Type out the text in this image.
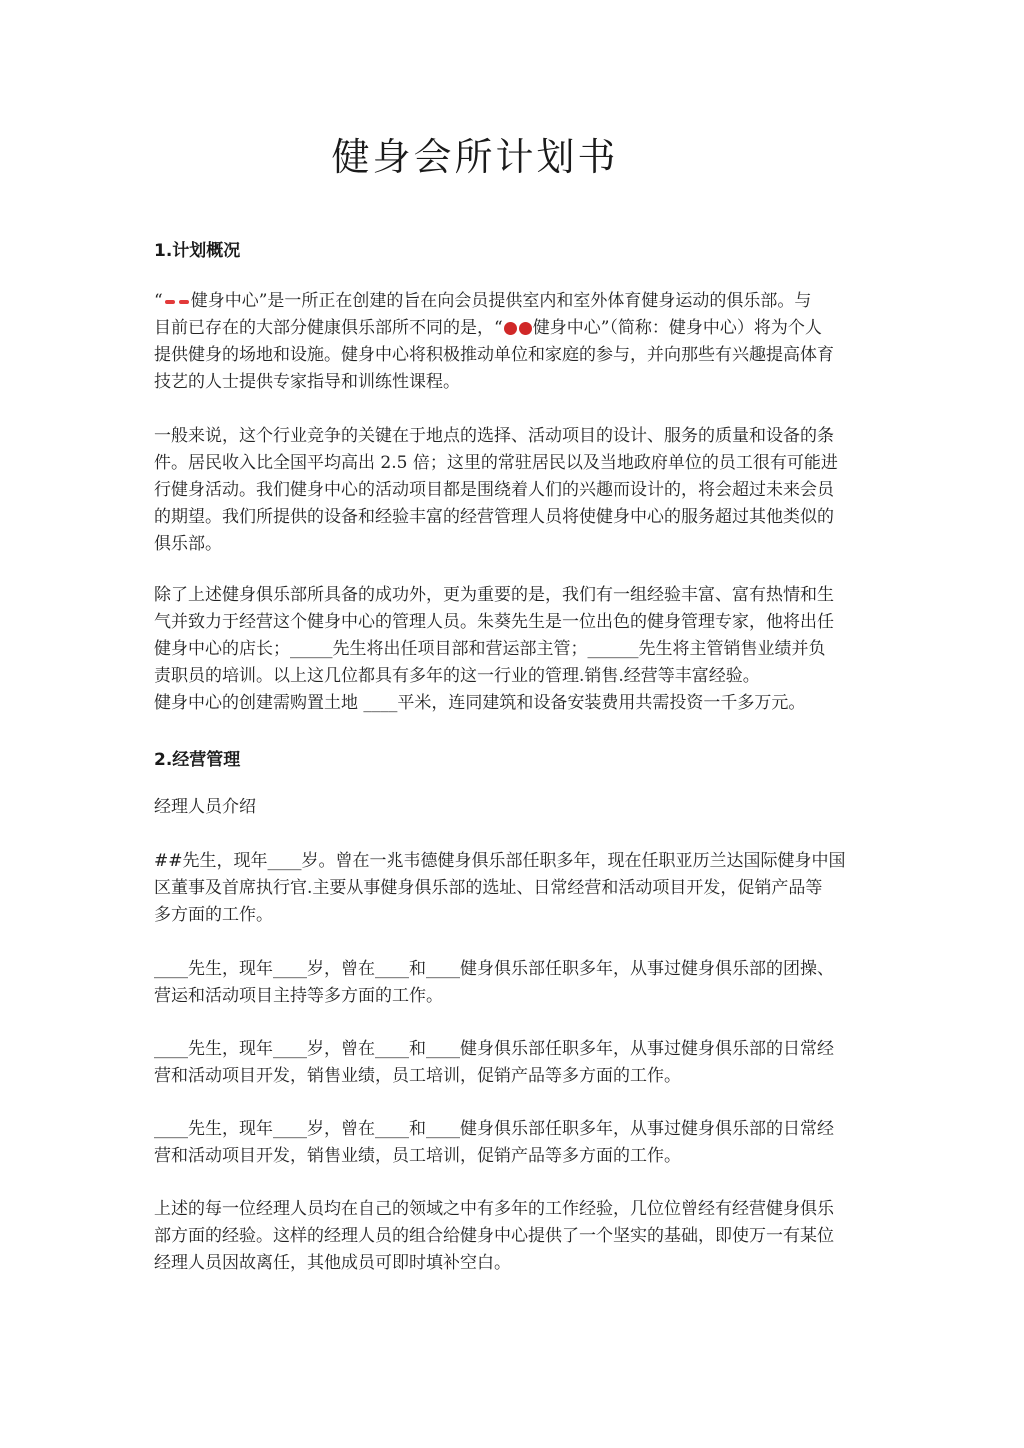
健身会所计划书
1.计划概况
“ 健身中心”是一所正在创建的旨在向会员提供室内和室外体育健身运动的俱乐部。与
目前已存在的大部分健康俱乐部所不同的是，“ 健身中心”（简称：健身中心）将为个人
提供健身的场地和设施。健身中心将积极推动单位和家庭的参与，并向那些有兴趣提高体育
技艺的人士提供专家指导和训练性课程。
一般来说，这个行业竞争的关键在于地点的选择、活动项目的设计、服务的质量和设备的条
件。居民收入比全国平均高出 2.5 倍；这里的常驻居民以及当地政府单位的员工很有可能进
行健身活动。我们健身中心的活动项目都是围绕着人们的兴趣而设计的，将会超过未来会员
的期望。我们所提供的设备和经验丰富的经营管理人员将使健身中心的服务超过其他类似的
俱乐部。
除了上述健身俱乐部所具备的成功外，更为重要的是，我们有一组经验丰富、富有热情和生
气并致力于经营这个健身中心的管理人员。朱葵先生是一位出色的健身管理专家，他将出任
健身中心的店长；_____先生将出任项目部和营运部主管；______先生将主管销售业绩并负
责职员的培训。以上这几位都具有多年的这一行业的管理.销售.经营等丰富经验。
健身中心的创建需购置土地 ____平米，连同建筑和设备安装费用共需投资一千多万元。
2.经营管理
经理人员介绍
##先生，现年____岁。曾在一兆韦德健身俱乐部任职多年，现在任职亚历兰达国际健身中国
区董事及首席执行官.主要从事健身俱乐部的选址、日常经营和活动项目开发，促销产品等
多方面的工作。
____先生，现年____岁，曾在____和____健身俱乐部任职多年，从事过健身俱乐部的团操、
营运和活动项目主持等多方面的工作。
____先生，现年____岁，曾在____和____健身俱乐部任职多年，从事过健身俱乐部的日常经
营和活动项目开发，销售业绩，员工培训，促销产品等多方面的工作。
____先生，现年____岁，曾在____和____健身俱乐部任职多年，从事过健身俱乐部的日常经
营和活动项目开发，销售业绩，员工培训，促销产品等多方面的工作。
上述的每一位经理人员均在自己的领域之中有多年的工作经验，几位位曾经有经营健身俱乐
部方面的经验。这样的经理人员的组合给健身中心提供了一个坚实的基础，即使万一有某位
经理人员因故离任，其他成员可即时填补空白。
